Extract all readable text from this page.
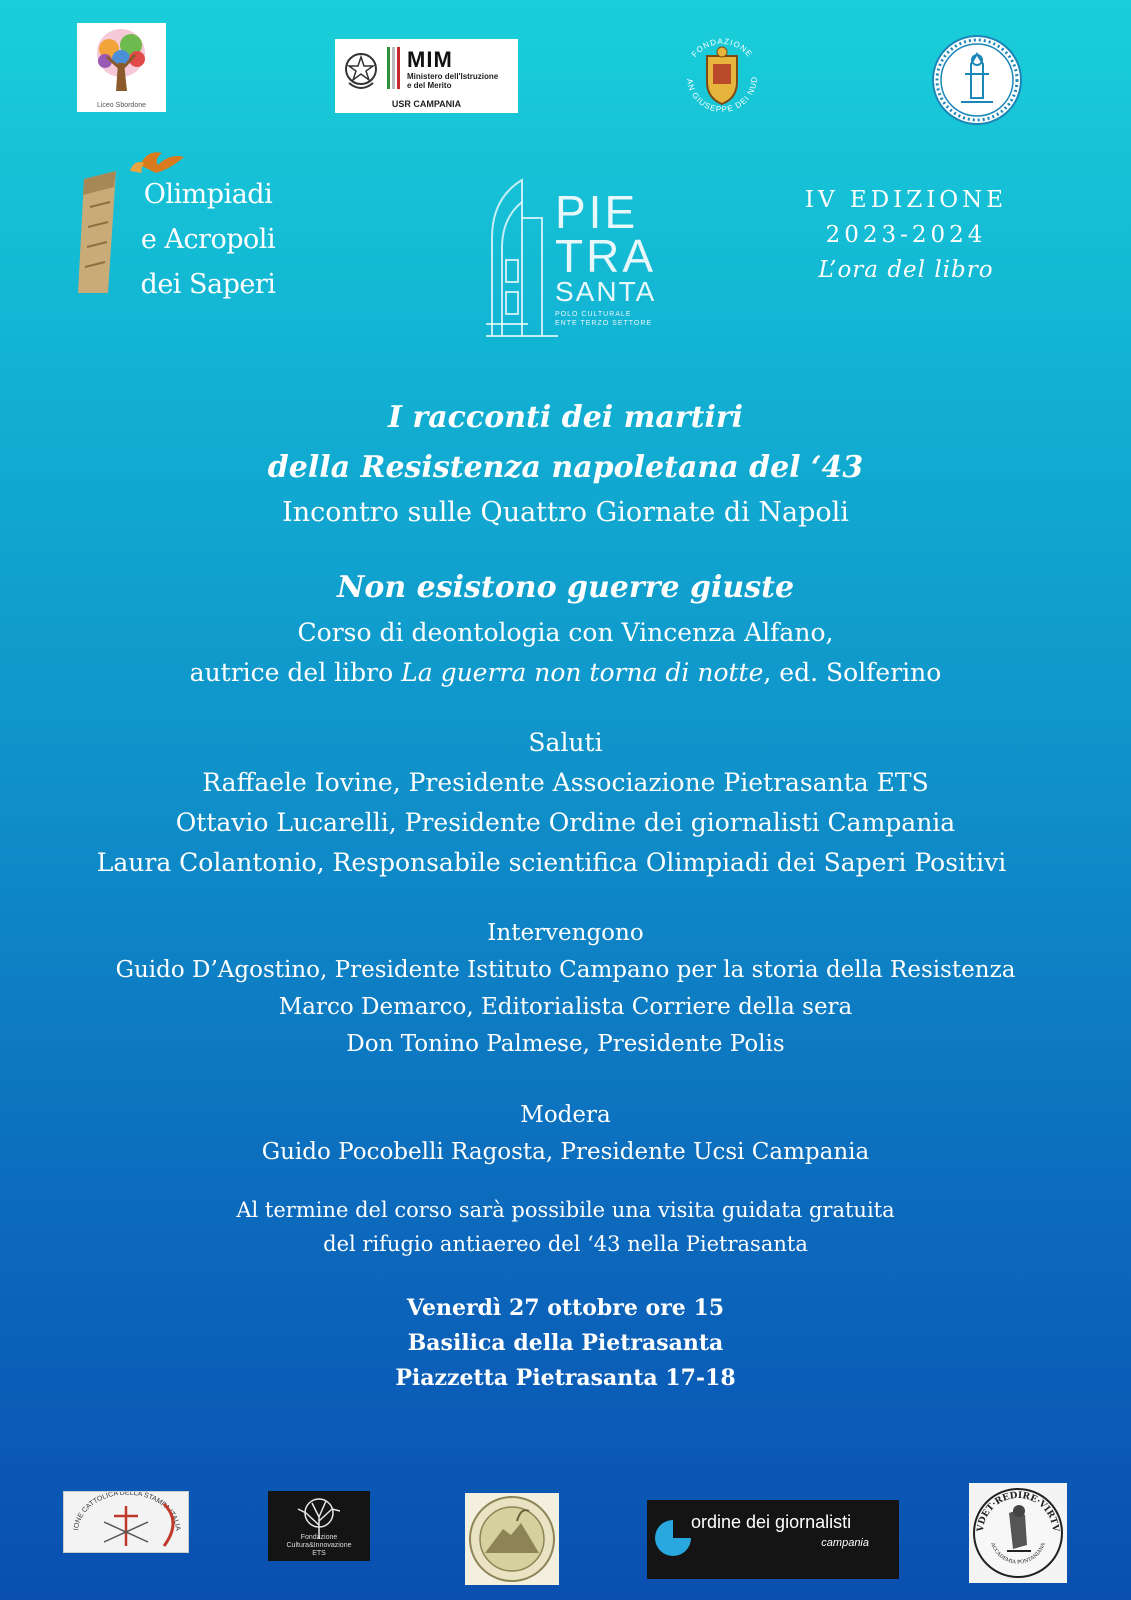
Liceo Sbordone
MIM
Ministero dell'Istruzione
e del Merito
USR CAMPANIA
FONDAZIONE
AN GIUSEPPE DEI NUD
Olimpiadi
e Acropoli
dei Saperi
PIE
TRA
SANTA
POLO CULTURALE
ENTE TERZO SETTORE
IV EDIZIONE
2023-2024
L’ora del libro
I racconti dei martiri
della Resistenza napoletana del ‘43
Incontro sulle Quattro Giornate di Napoli
Non esistono guerre giuste
Corso di deontologia con Vincenza Alfano,
autrice del libro La guerra non torna di notte, ed. Solferino
Saluti
Raffaele Iovine, Presidente Associazione Pietrasanta ETS
Ottavio Lucarelli, Presidente Ordine dei giornalisti Campania
Laura Colantonio, Responsabile scientifica Olimpiadi dei Saperi Positivi
Intervengono
Guido D’Agostino, Presidente Istituto Campano per la storia della Resistenza
Marco Demarco, Editorialista Corriere della sera
Don Tonino Palmese, Presidente Polis
Modera
Guido Pocobelli Ragosta, Presidente Ucsi Campania
Al termine del corso sarà possibile una visita guidata gratuita
del rifugio antiaereo del ‘43 nella Pietrasanta
Venerdì 27 ottobre ore 15
Basilica della Pietrasanta
Piazzetta Pietrasanta 17-18
IONE CATTOLICA DELLA STAMPA ITALIA
Fondazione
Cultura&Innovazione
ETS
ordine dei giornalisti
campania
VDET·REDIRE·VIRTV
ACCADEMIA PONTANIANA
